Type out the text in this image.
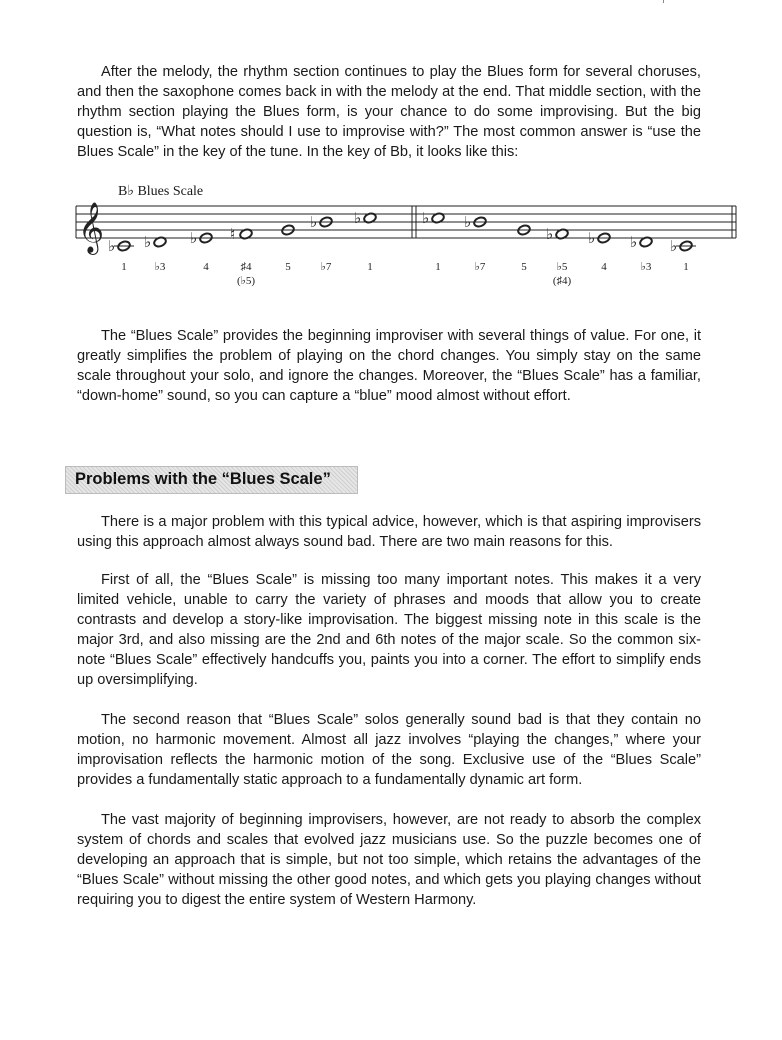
After the melody, the rhythm section continues to play the Blues form for several choruses, and then the saxophone comes back in with the melody at the end. That middle section, with the rhythm section playing the Blues form, is your chance to do some improvising. But the big question is, “What notes should I use to improvise with?” The most common answer is “use the Blues Scale” in the key of the tune. In the key of Bb, it looks like this:

B♭ Blues Scale
𝄞 ♭ ♭	♭ ♮
♭ ♭	♭ ♭
♭ ♭ ♭ ♭
1	♭3	4	♯4	5	♭7	1
(♭5)
1	♭7	5	♭5	4	♭3	1
(♯4)
Problems with the “Blues Scale”

The “Blues Scale” provides the beginning improviser with several things of value. For one, it greatly simplifies the problem of playing on the chord changes. You simply stay on the same scale throughout your solo, and ignore the changes. Moreover, the “Blues Scale” has a familiar, “down-home” sound, so you can capture a “blue” mood almost without effort.

There is a major problem with this typical advice, however, which is that aspiring improvisers using this approach almost always sound bad. There are two main reasons for this.

First of all, the “Blues Scale” is missing too many important notes. This makes it a very limited vehicle, unable to carry the variety of phrases and moods that allow you to create contrasts and develop a story-like improvisation. The biggest missing note in this scale is the major 3rd, and also missing are the 2nd and 6th notes of the major scale. So the common six-note “Blues Scale” effectively handcuffs you, paints you into a corner. The effort to simplify ends up oversimplifying.

The second reason that “Blues Scale” solos generally sound bad is that they contain no motion, no harmonic movement. Almost all jazz involves “playing the changes,” where your improvisation reflects the harmonic motion of the song. Exclusive use of the “Blues Scale” provides a fundamentally static approach to a fundamentally dynamic art form.

The vast majority of beginning improvisers, however, are not ready to absorb the complex system of chords and scales that evolved jazz musicians use. So the puzzle becomes one of developing an approach that is simple, but not too simple, which retains the advantages of the “Blues Scale” without missing the other good notes, and which gets you playing changes without requiring you to digest the entire system of Western Harmony.
